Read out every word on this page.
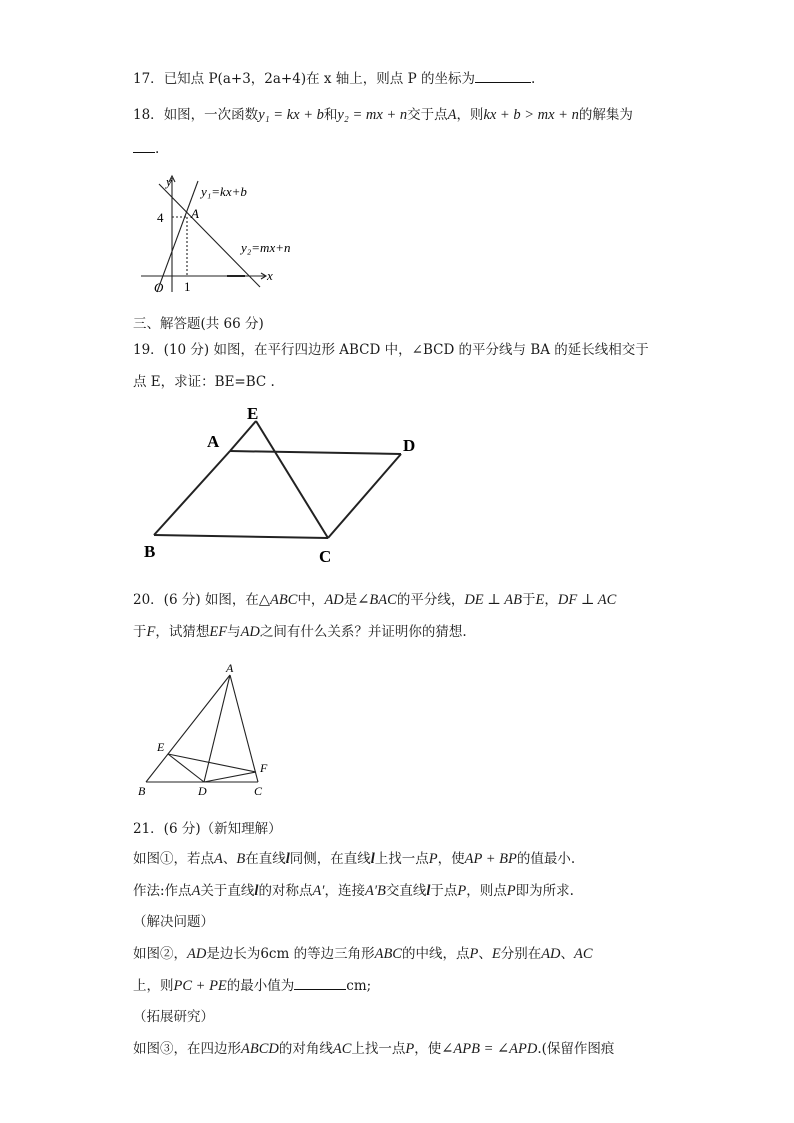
17．已知点 P(a+3，2a+4)在 x 轴上，则点 P 的坐标为	.
18．如图，一次函数y₁ = kx + b和y₂ = mx + n交于点A，则kx + b > mx + n的解集为
.
y
x
O
4
1
A
y₁=kx+b
y₂=mx+n
三、解答题(共 66 分)
19．(10 分) 如图，在平行四边形 ABCD 中，∠BCD 的平分线与 BA 的延长线相交于
点 E，求证：BE=BC .
E
A	D
B	C
20．(6 分) 如图，在△ABC中，AD是∠BAC的平分线，DE ⊥ AB于E，DF ⊥ AC
于F，试猜想EF与AD之间有什么关系？并证明你的猜想.
A
E
F
B	D	C
21．(6 分)（新知理解）
如图①，若点A、B在直线l同侧，在直线l上找一点P，使AP + BP的值最小.
作法:作点A关于直线l的对称点A′，连接A′B交直线l于点P，则点P即为所求.
（解决问题）
如图②，AD是边长为6cm 的等边三角形ABC的中线，点P、E分别在AD、AC
上，则PC + PE的最小值为	cm;
（拓展研究）
如图③，在四边形ABCD的对角线AC上找一点P，使∠APB = ∠APD.(保留作图痕
